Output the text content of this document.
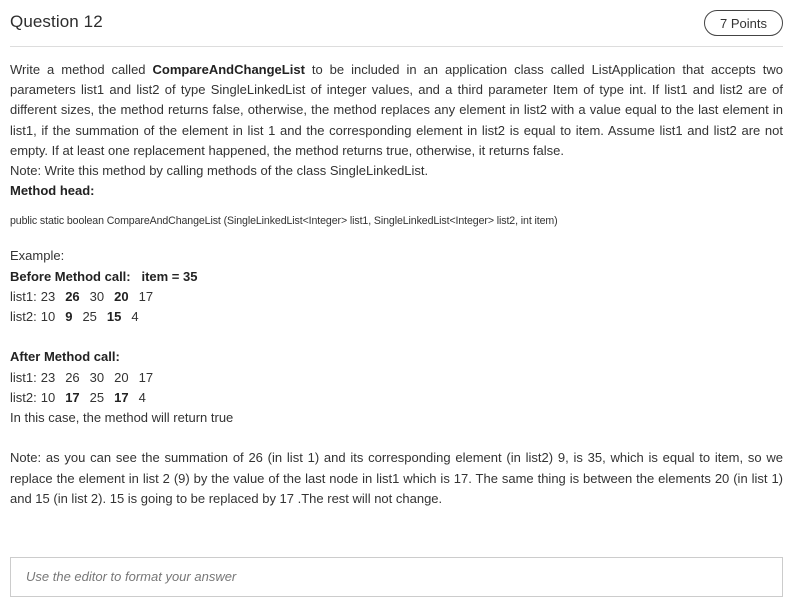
Question 12	7 Points

Write a method called CompareAndChangeList to be included in an application class called ListApplication that accepts two parameters list1 and list2 of type SingleLinkedList of integer values, and a third parameter Item of type int. If list1 and list2 are of different sizes, the method returns false, otherwise, the method replaces any element in list2 with a value equal to the last element in list1, if the summation of the element in list 1 and the corresponding element in list2 is equal to item. Assume list1 and list2 are not empty. If at least one replacement happened, the method returns true, otherwise, it returns false.

Note: Write this method by calling methods of the class SingleLinkedList.

Method head:

public static boolean CompareAndChangeList (SingleLinkedList<Integer> list1, SingleLinkedList<Integer> list2, int item)

Example:

Before Method call: item = 35

list1: 23 26 30 20 17

list2: 10 9 25 15 4

After Method call:

list1: 23 26 30 20 17

list2: 10 17 25 17 4

In this case, the method will return true

Note: as you can see the summation of 26 (in list 1) and its corresponding element (in list2) 9, is 35, which is equal to item, so we replace the element in list 2 (9) by the value of the last node in list1 which is 17. The same thing is between the elements 20 (in list 1) and 15 (in list 2). 15 is going to be replaced by 17 .The rest will not change.

Use the editor to format your answer
